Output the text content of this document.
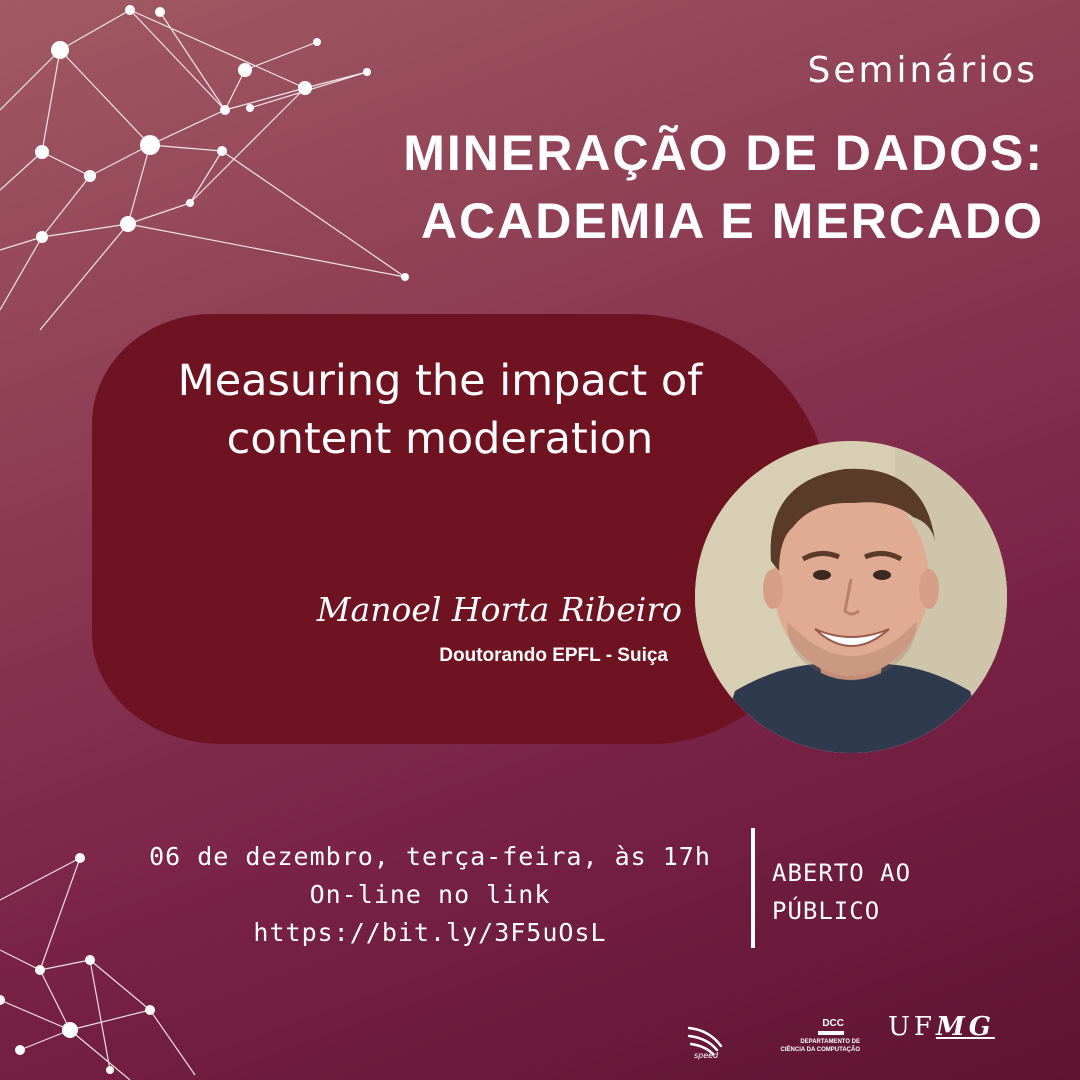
Seminários
MINERAÇÃO DE DADOS:
ACADEMIA E MERCADO
Measuring the impact of content moderation
Manoel Horta Ribeiro
Doutorando EPFL - Suiça
06 de dezembro, terça-feira, às 17h
On-line no link
https://bit.ly/3F5uOsL
ABERTO AO
PÚBLICO
speed
DCC
DEPARTAMENTO DE
CIÊNCIA DA COMPUTAÇÃO
UFMG
